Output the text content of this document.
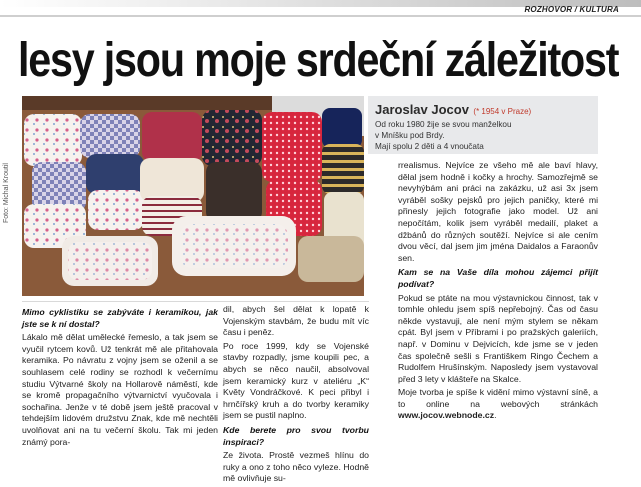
ROZHOVOR / KULTURA
lesy jsou moje srdeční záležitost
Foto: Michal Kroutil
Jaroslav Jocov (* 1954 v Praze)
Od roku 1980 žije se svou manželkou
v Mníšku pod Brdy.
Mají spolu 2 děti a 4 vnoučata

Mimo cyklistiku se zabýváte i keramikou, jak jste se k ní dostal?

Lákalo mě dělat umělecké řemeslo, a tak jsem se vyučil rytcem kovů. Už tenkrát mě ale přitahovala keramika. Po návratu z vojny jsem se oženil a se souhlasem celé rodiny se rozhodl k večernímu studiu Výtvarné školy na Hollarově náměstí, kde se kromě propagačního výtvarnictví vyučovala i sochařina. Jenže v té době jsem ještě pracoval v tehdejším lidovém družstvu Znak, kde mě nechtěli uvolňovat ani na tu večerní školu. Tak mi jeden známý pora-

dil, abych šel dělat k lopatě k Vojenským stavbám, že budu mít víc času i peněz.

Po roce 1999, kdy se Vojenské stavby rozpadly, jsme koupili pec, a abych se něco naučil, absolvoval jsem keramický kurz v ateliéru „K“ Květy Vondráčkové. K peci přibyl i hrnčířský kruh a do tvorby keramiky jsem se pustil naplno.

Kde berete pro svou tvorbu inspiraci?

Ze života. Prostě vezmeš hlínu do ruky a ono z toho něco vyleze. Hodně mě ovlivňuje su-

rrealismus. Nejvíce ze všeho mě ale baví hlavy, dělal jsem hodně i kočky a hrochy. Samozřejmě se nevyhýbám ani práci na zakázku, už asi 3x jsem vyráběl sošky pejsků pro jejich paničky, které mi přinesly jejich fotografie jako model. Už ani nepočítám, kolik jsem vyráběl medailí, plaket a džbánů do různých soutěží. Nejvíce si ale cením dvou věcí, dal jsem jim jména Daidalos a Faraonův sen.

Kam se na Vaše díla mohou zájemci přijít podívat?

Pokud se ptáte na mou výstavnickou činnost, tak v tomhle ohledu jsem spíš nepřebojný. Čas od času někde vystavuji, ale není mým stylem se někam cpát. Byl jsem v Příbrami i po pražských galeriích, např. v Dominu v Dejvicích, kde jsme se v jeden čas společně sešli s Františkem Ringo Čechem a Rudolfem Hrušínským. Naposledy jsem vystavoval před 3 lety v klášteře na Skalce.

Moje tvorba je spíše k vidění mimo výstavní síně, a to online na webových stránkách www.jocov.webnode.cz.
